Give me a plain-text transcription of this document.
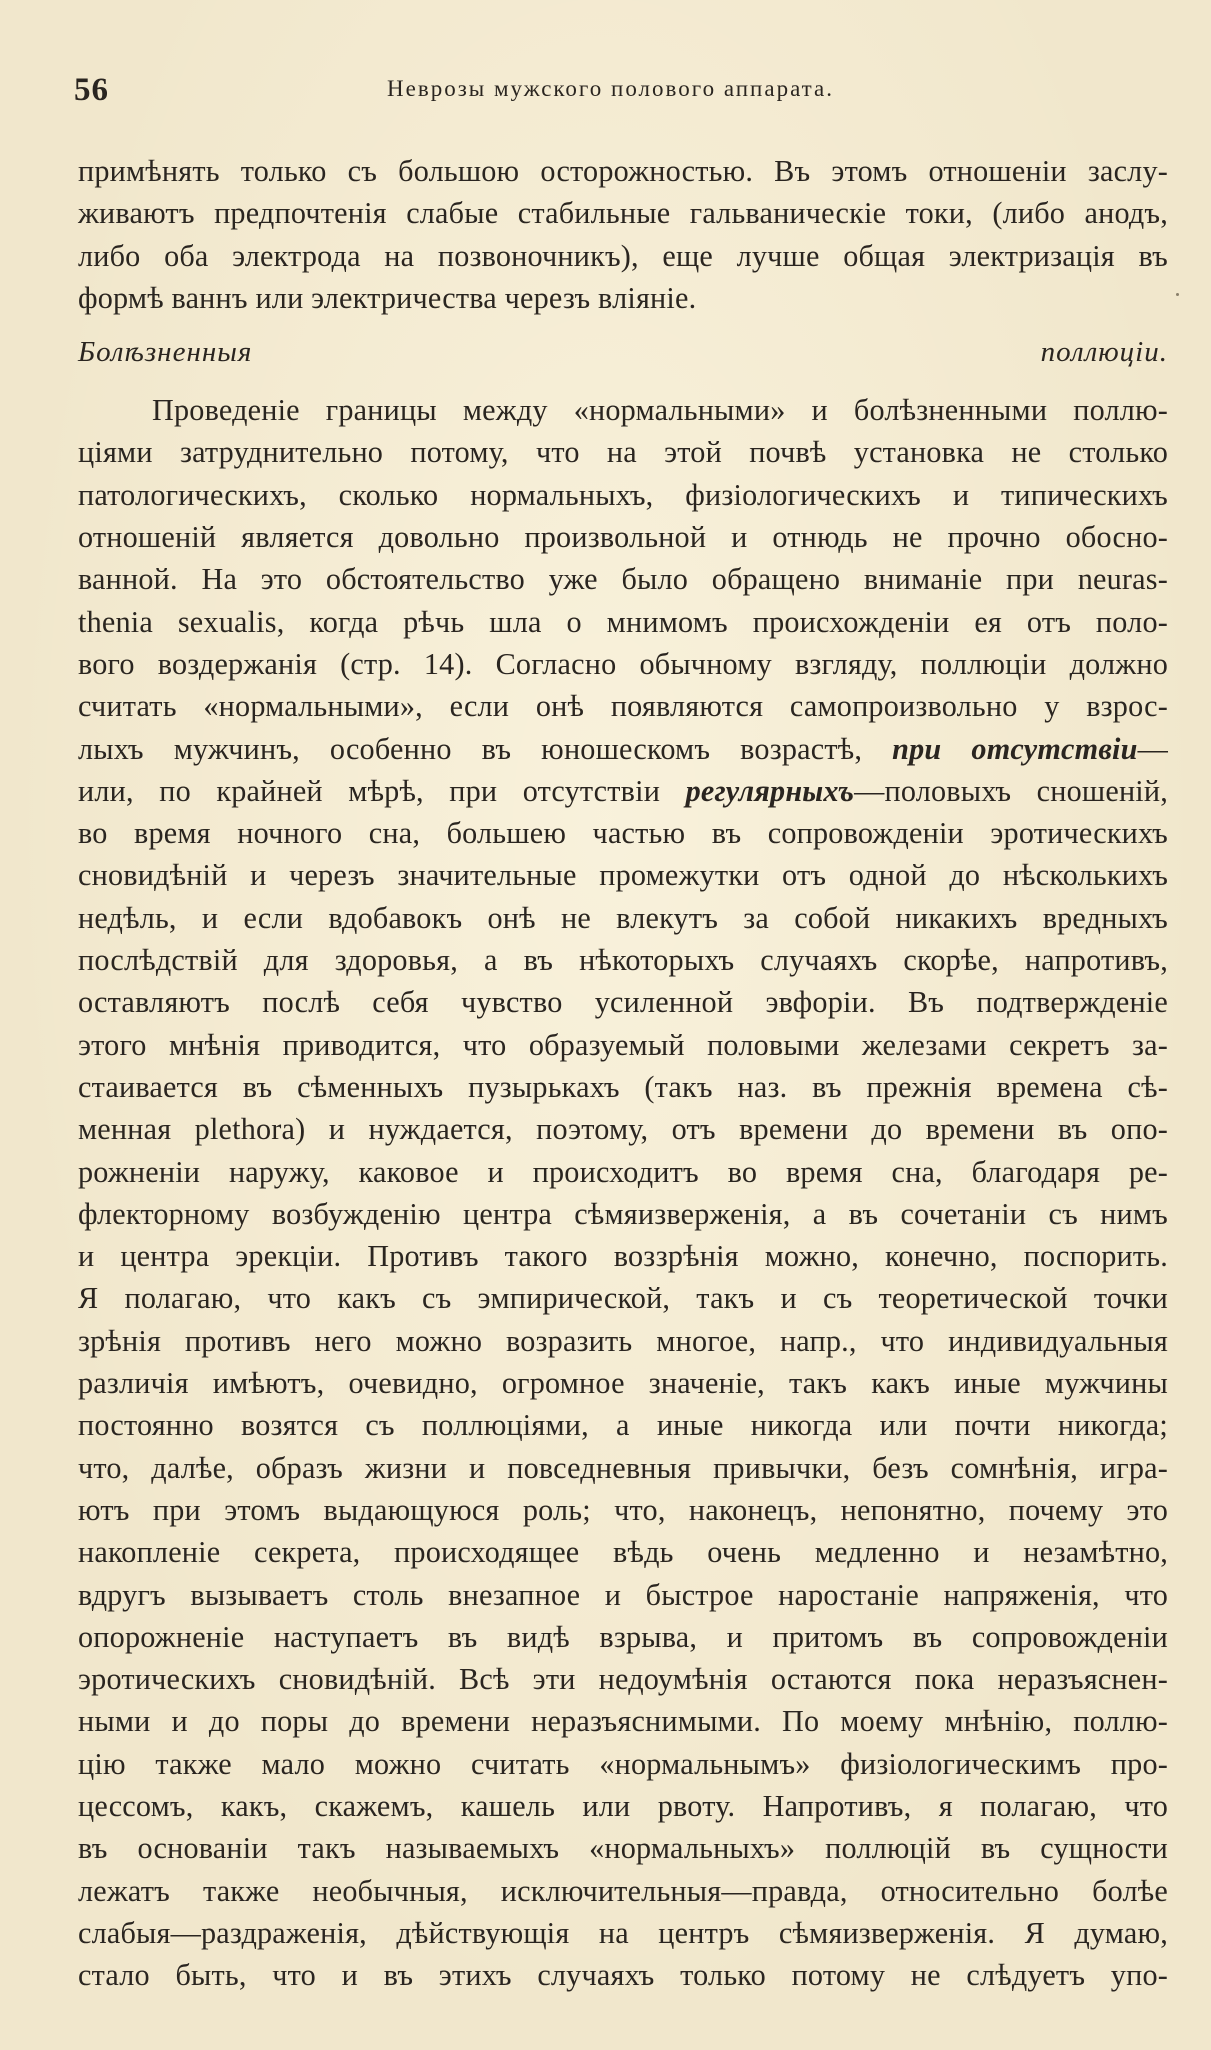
56	Неврозы мужского полового аппарата.
примѣнять только съ большою осторожностью. Въ этомъ отношеніи заслу-
живаютъ предпочтенія слабые стабильные гальваническіе токи, (либо анодъ,
либо оба электрода на позвоночникъ), еще лучше общая электризація въ
формѣ ваннъ или электричества черезъ вліяніе.
Болѣзненныя поллюціи.
Проведеніе границы между «нормальными» и болѣзненными поллю-
ціями затруднительно потому, что на этой почвѣ установка не столько
патологическихъ, сколько нормальныхъ, физіологическихъ и типическихъ
отношеній является довольно произвольной и отнюдь не прочно обосно-
ванной. На это обстоятельство уже было обращено вниманіе при neuras-
thenia sexualis, когда рѣчь шла о мнимомъ происхожденіи ея отъ поло-
вого воздержанія (стр. 14). Согласно обычному взгляду, поллюціи должно
считать «нормальными», если онѣ появляются самопроизвольно у взрос-
лыхъ мужчинъ, особенно въ юношескомъ возрастѣ, при отсутствіи—
или, по крайней мѣрѣ, при отсутствіи регулярныхъ—половыхъ сношеній,
во время ночного сна, большею частью въ сопровожденіи эротическихъ
сновидѣній и черезъ значительные промежутки отъ одной до нѣсколькихъ
недѣль, и если вдобавокъ онѣ не влекутъ за собой никакихъ вредныхъ
послѣдствій для здоровья, а въ нѣкоторыхъ случаяхъ скорѣе, напротивъ,
оставляютъ послѣ себя чувство усиленной эвфоріи. Въ подтвержденіе
этого мнѣнія приводится, что образуемый половыми железами секретъ за-
стаивается въ сѣменныхъ пузырькахъ (такъ наз. въ прежнія времена сѣ-
менная plethora) и нуждается, поэтому, отъ времени до времени въ опо-
рожненіи наружу, каковое и происходитъ во время сна, благодаря ре-
флекторному возбужденію центра сѣмяизверженія, а въ сочетаніи съ нимъ
и центра эрекціи. Противъ такого воззрѣнія можно, конечно, поспорить.
Я полагаю, что какъ съ эмпирической, такъ и съ теоретической точки
зрѣнія противъ него можно возразить многое, напр., что индивидуальныя
различія имѣютъ, очевидно, огромное значеніе, такъ какъ иные мужчины
постоянно возятся съ поллюціями, а иные никогда или почти никогда;
что, далѣе, образъ жизни и повседневныя привычки, безъ сомнѣнія, игра-
ютъ при этомъ выдающуюся роль; что, наконецъ, непонятно, почему это
накопленіе секрета, происходящее вѣдь очень медленно и незамѣтно,
вдругъ вызываетъ столь внезапное и быстрое наростаніе напряженія, что
опорожненіе наступаетъ въ видѣ взрыва, и притомъ въ сопровожденіи
эротическихъ сновидѣній. Всѣ эти недоумѣнія остаются пока неразъяснен-
ными и до поры до времени неразъяснимыми. По моему мнѣнію, поллю-
цію также мало можно считать «нормальнымъ» физіологическимъ про-
цессомъ, какъ, скажемъ, кашель или рвоту. Напротивъ, я полагаю, что
въ основаніи такъ называемыхъ «нормальныхъ» поллюцій въ сущности
лежатъ также необычныя, исключительныя—правда, относительно болѣе
слабыя—раздраженія, дѣйствующія на центръ сѣмяизверженія. Я думаю,
стало быть, что и въ этихъ случаяхъ только потому не слѣдуетъ упо-
